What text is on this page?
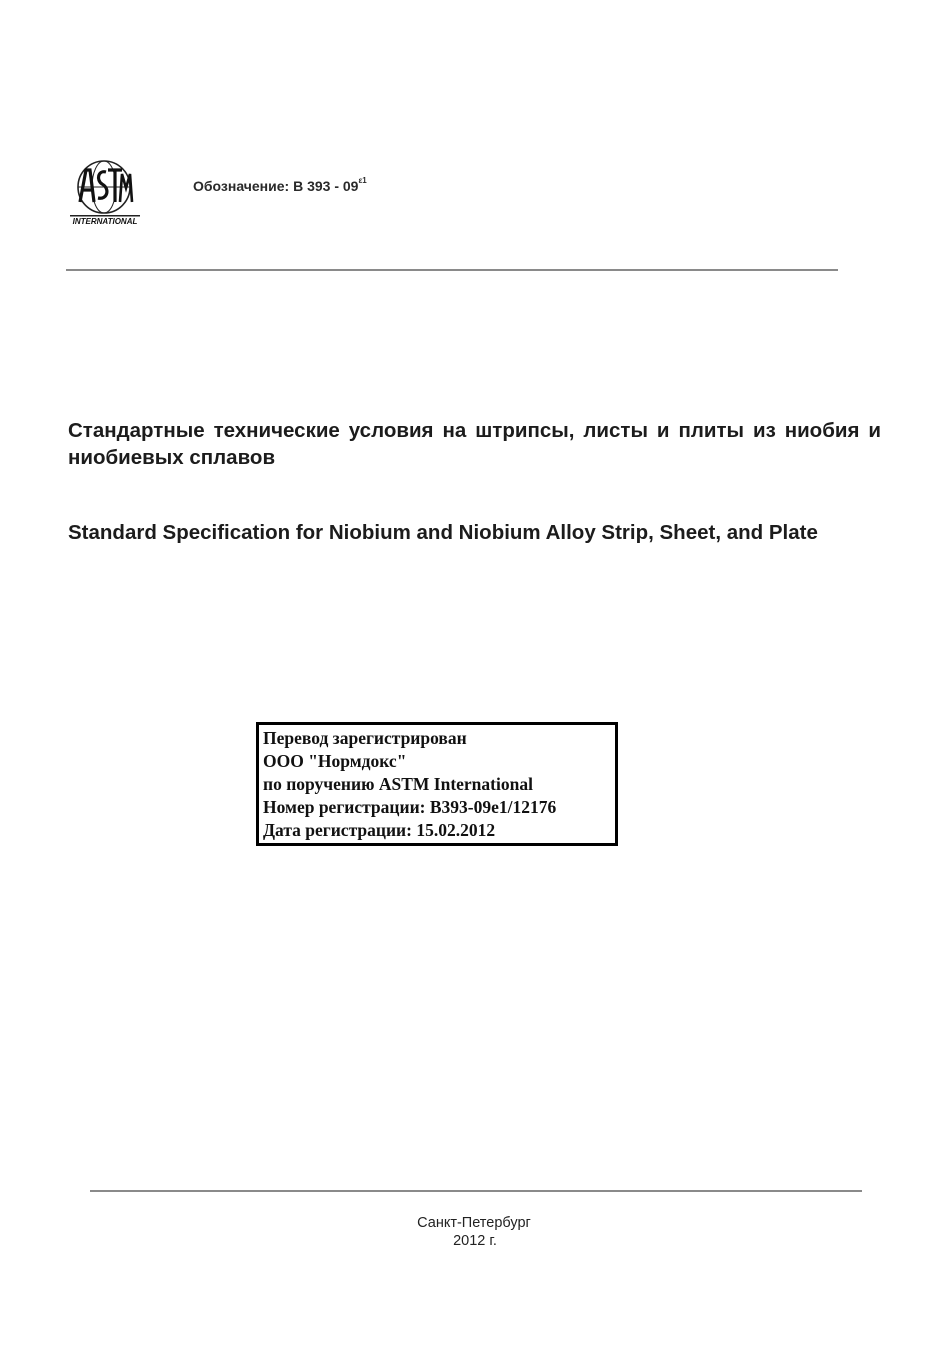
INTERNATIONAL
Обозначение: B $393 - 09^{\varepsilon 1}$
Стандартные технические условия на штрипсы, листы и плиты из ниобия и ниобиевых сплавов
Standard Specification for Niobium and Niobium Alloy Strip, Sheet, and Plate
Перевод зарегистрирован
ООО "Нормдокс"
по поручению ASTM International
Номер регистрации: B393-09e1/12176
Дата регистрации: 15.02.2012
Санкт-Петербург
2012 г.
